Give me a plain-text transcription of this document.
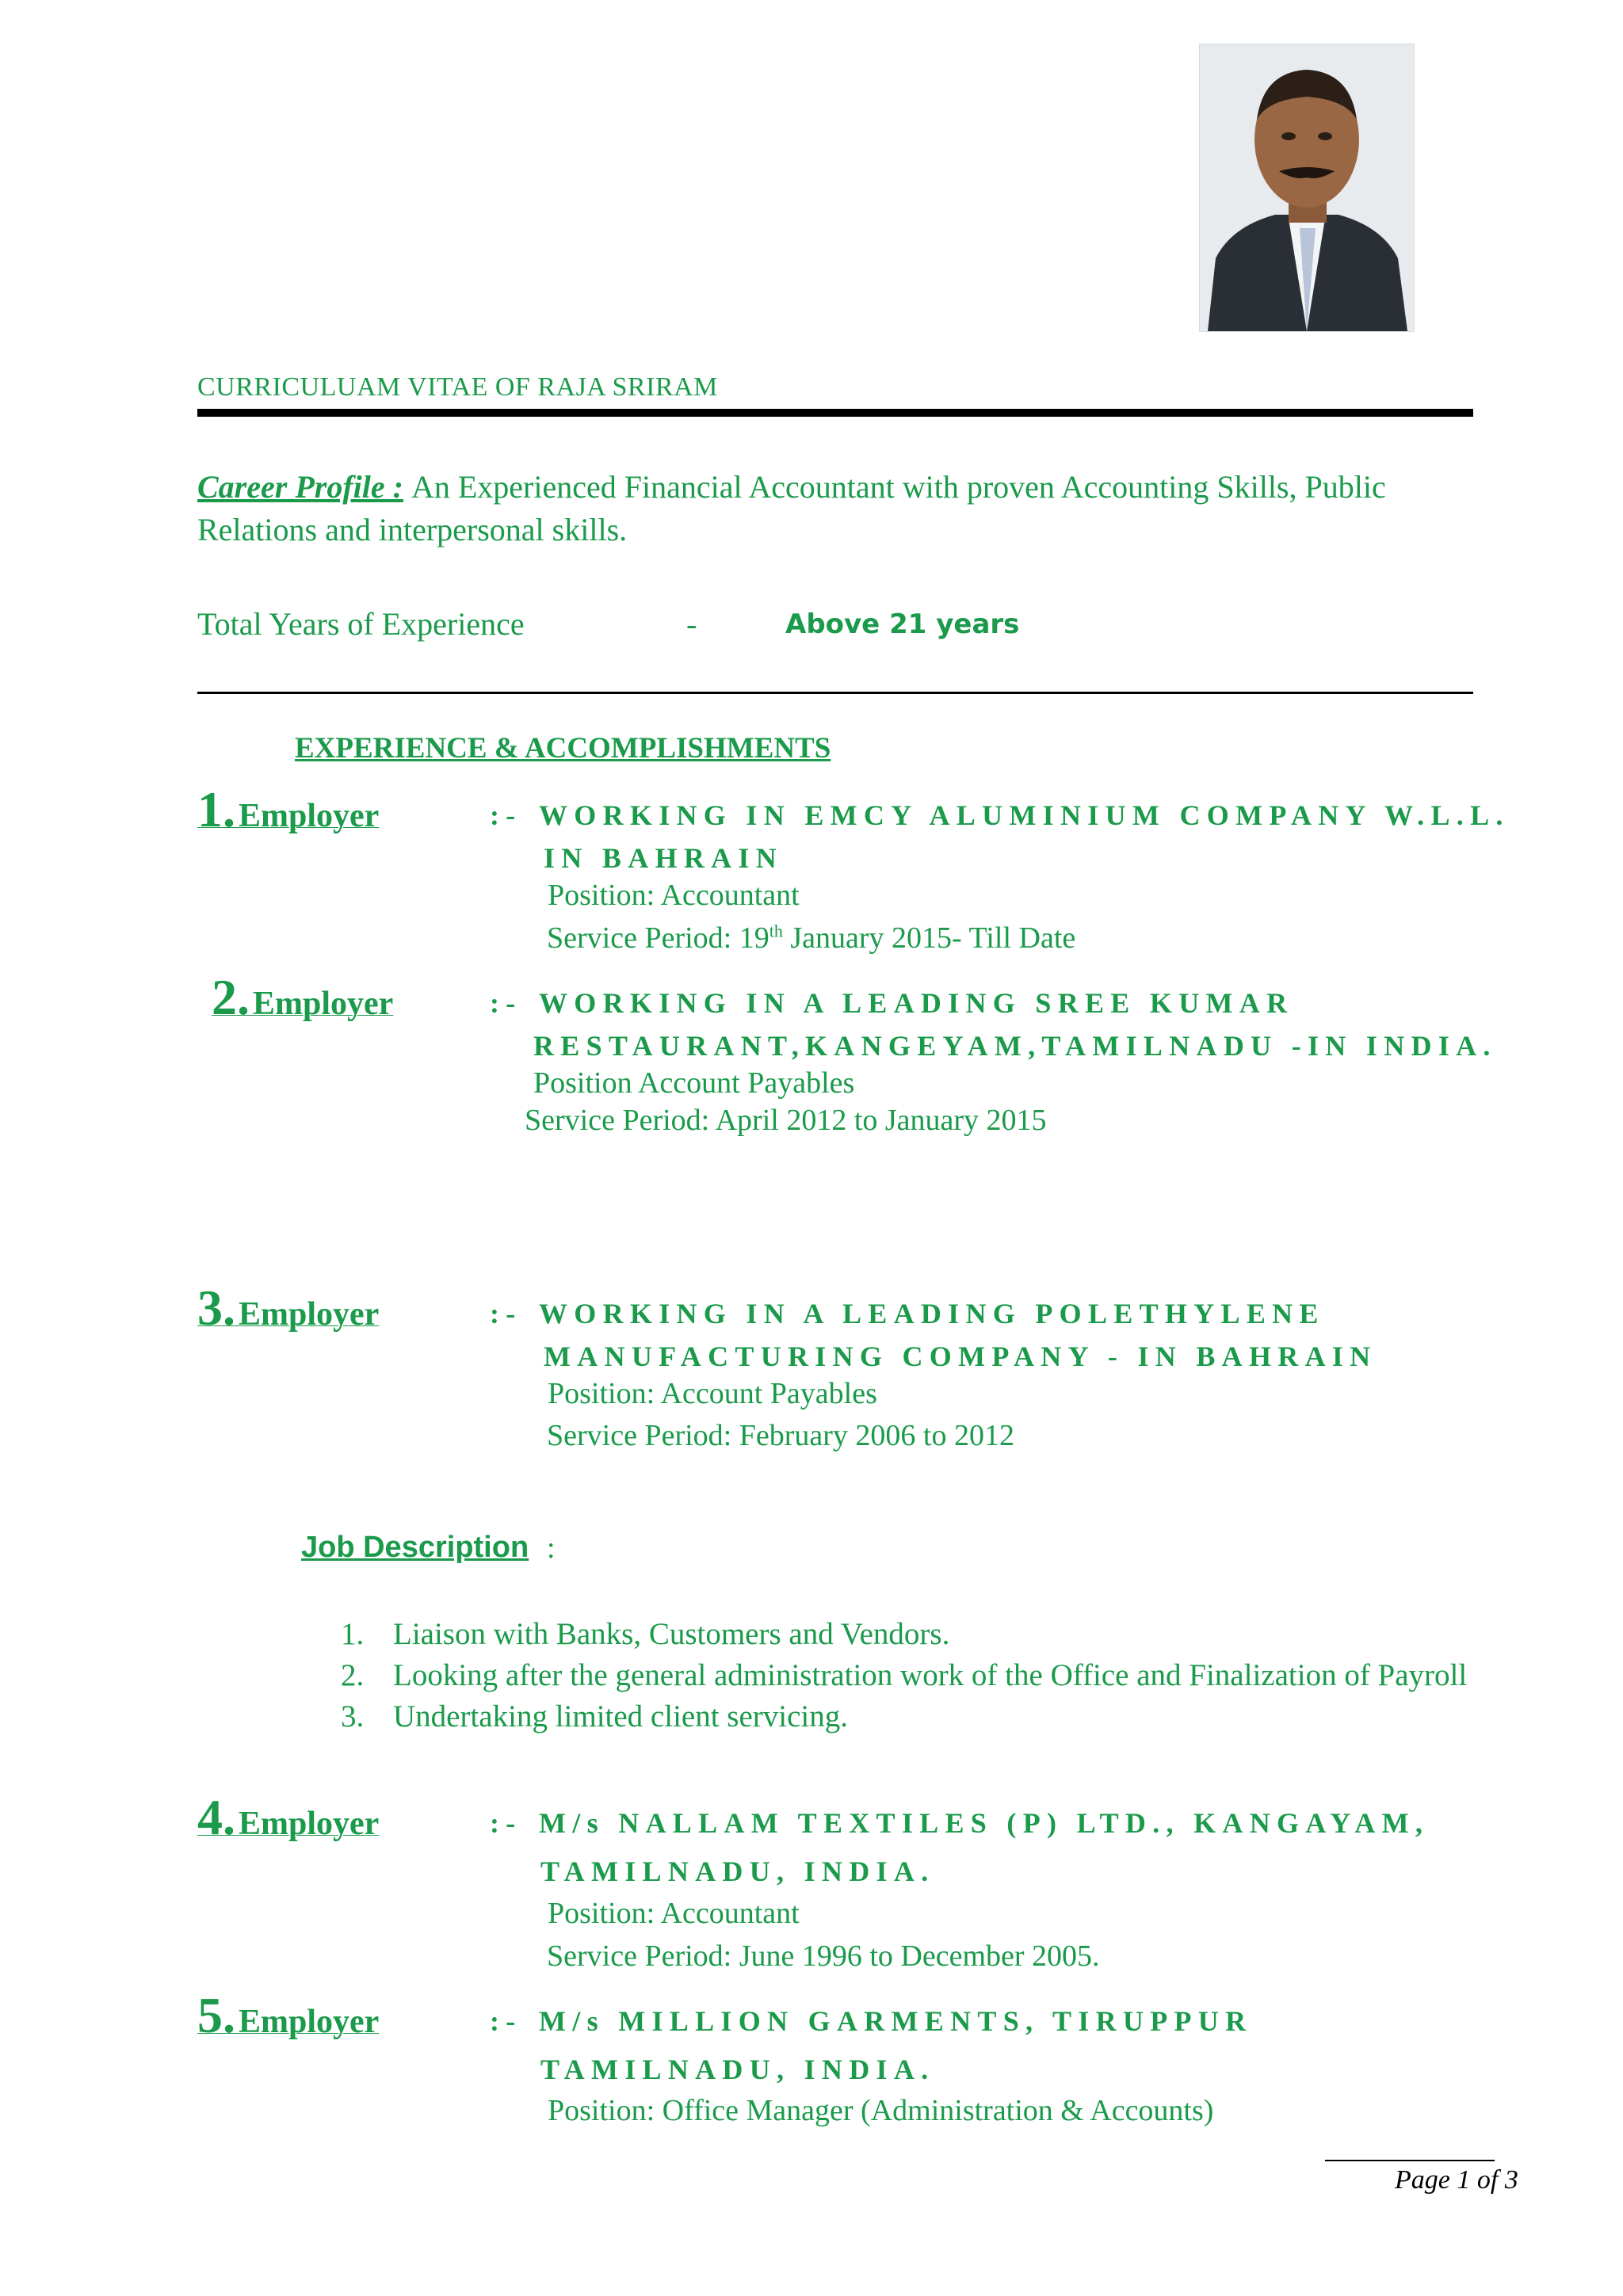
CURRICULUAM VITAE OF RAJA SRIRAM
Career Profile : An Experienced Financial Accountant with proven Accounting Skills, Public Relations and interpersonal skills.
Total Years of Experience	-	Above 21 years
EXPERIENCE & ACCOMPLISHMENTS
1. Employer	:- WORKING IN EMCY ALUMINIUM COMPANY W.L.L.
IN BAHRAIN
Position: Accountant
Service Period: 19th January 2015- Till Date
2. Employer	:- WORKING IN A LEADING SREE KUMAR
RESTAURANT,KANGEYAM,TAMILNADU -IN INDIA.
Position Account Payables
Service Period: April 2012 to January 2015
3. Employer	:- WORKING IN A LEADING POLETHYLENE
MANUFACTURING COMPANY - IN BAHRAIN
Position: Account Payables
Service Period: February 2006 to 2012
Job Description :
1. Liaison with Banks, Customers and Vendors.
2. Looking after the general administration work of the Office and Finalization of Payroll
3. Undertaking limited client servicing.
4. Employer	:- M/s NALLAM TEXTILES (P) LTD., KANGAYAM,
TAMILNADU, INDIA.
Position: Accountant
Service Period: June 1996 to December 2005.
5. Employer	:- M/s MILLION GARMENTS, TIRUPPUR
TAMILNADU, INDIA.
Position: Office Manager (Administration & Accounts)
Page 1 of 3
